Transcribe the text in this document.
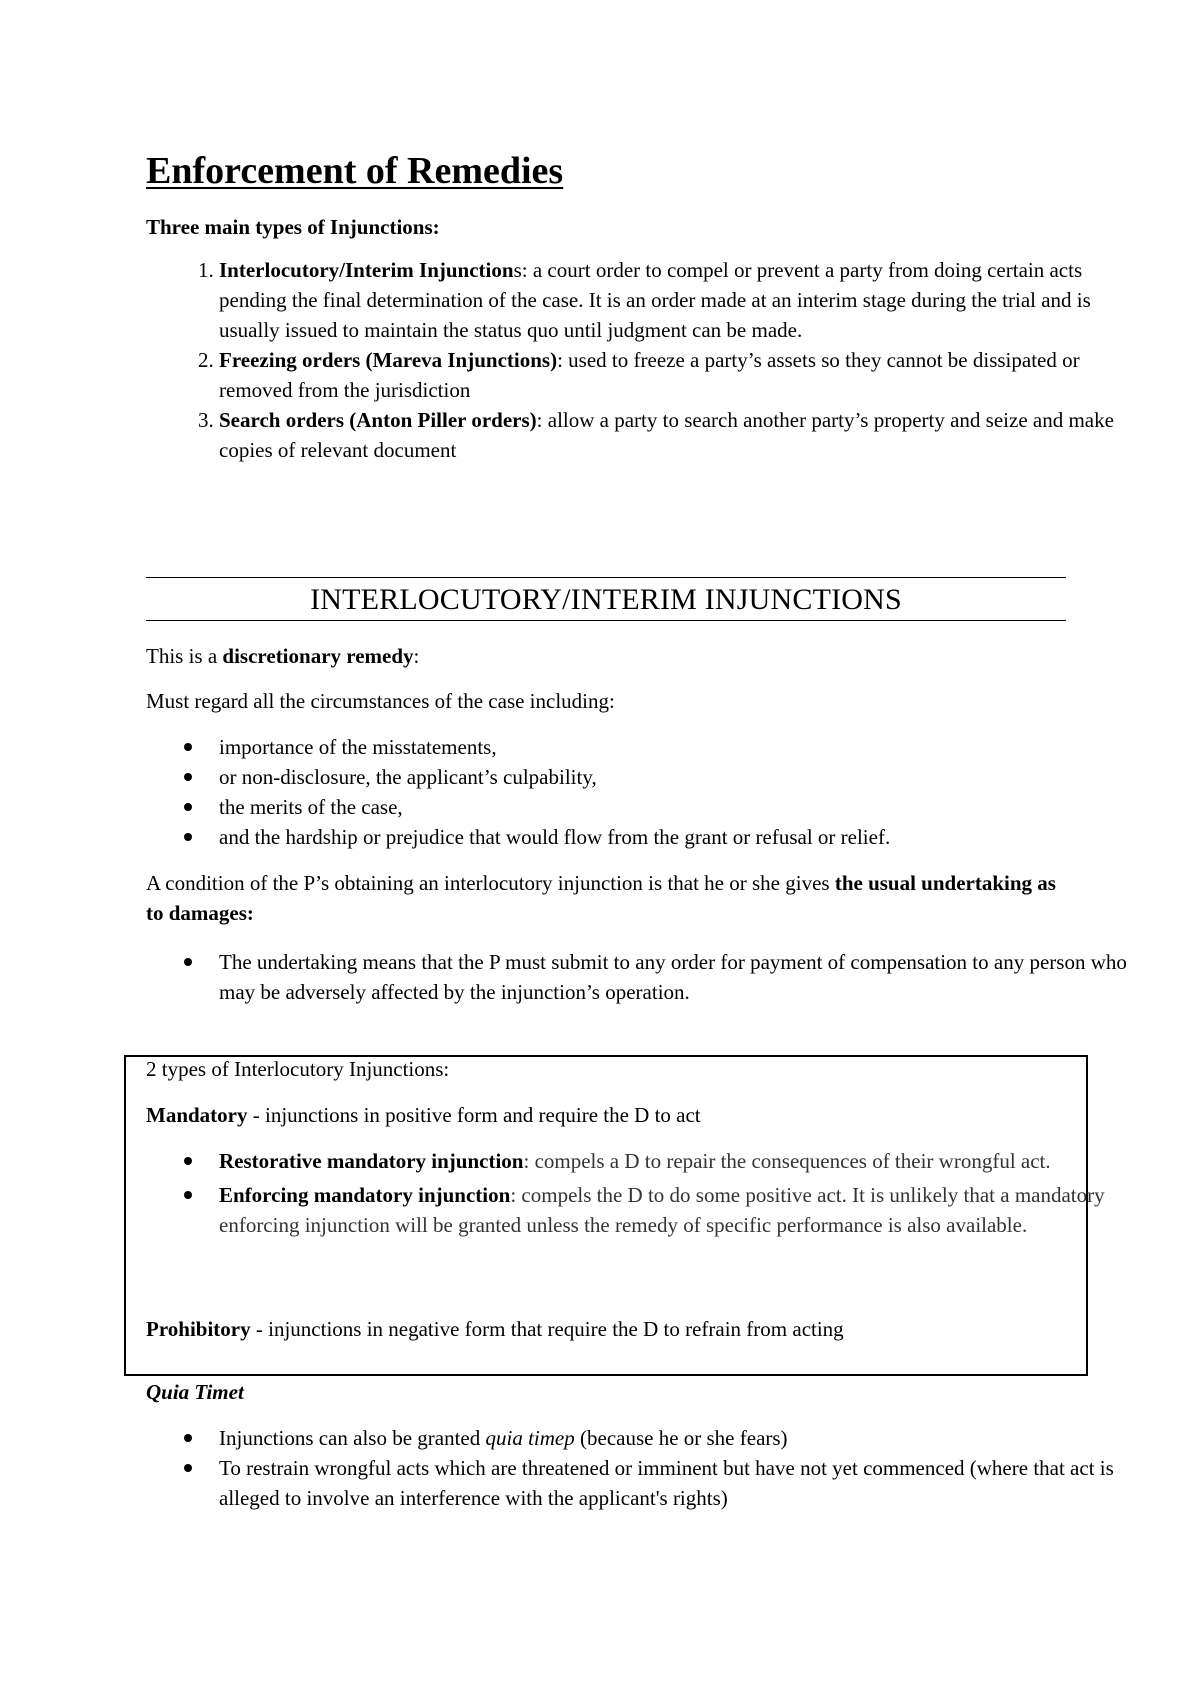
Enforcement of Remedies
Three main types of Injunctions:
1. Interlocutory/Interim Injunctions: a court order to compel or prevent a party from doing certain acts pending the final determination of the case. It is an order made at an interim stage during the trial and is usually issued to maintain the status quo until judgment can be made.
2. Freezing orders (Mareva Injunctions): used to freeze a party’s assets so they cannot be dissipated or removed from the jurisdiction
3. Search orders (Anton Piller orders): allow a party to search another party’s property and seize and make copies of relevant document
INTERLOCUTORY/INTERIM INJUNCTIONS
This is a discretionary remedy:
Must regard all the circumstances of the case including:
importance of the misstatements,
or non-disclosure, the applicant’s culpability,
the merits of the case,
and the hardship or prejudice that would flow from the grant or refusal or relief.
A condition of the P’s obtaining an interlocutory injunction is that he or she gives the usual undertaking as to damages:
The undertaking means that the P must submit to any order for payment of compensation to any person who may be adversely affected by the injunction’s operation.
2 types of Interlocutory Injunctions:
Mandatory - injunctions in positive form and require the D to act
Restorative mandatory injunction: compels a D to repair the consequences of their wrongful act.
Enforcing mandatory injunction: compels the D to do some positive act. It is unlikely that a mandatory enforcing injunction will be granted unless the remedy of specific performance is also available.
Prohibitory - injunctions in negative form that require the D to refrain from acting
Quia Timet
Injunctions can also be granted quia timep (because he or she fears)
To restrain wrongful acts which are threatened or imminent but have not yet commenced (where that act is alleged to involve an interference with the applicant's rights)
